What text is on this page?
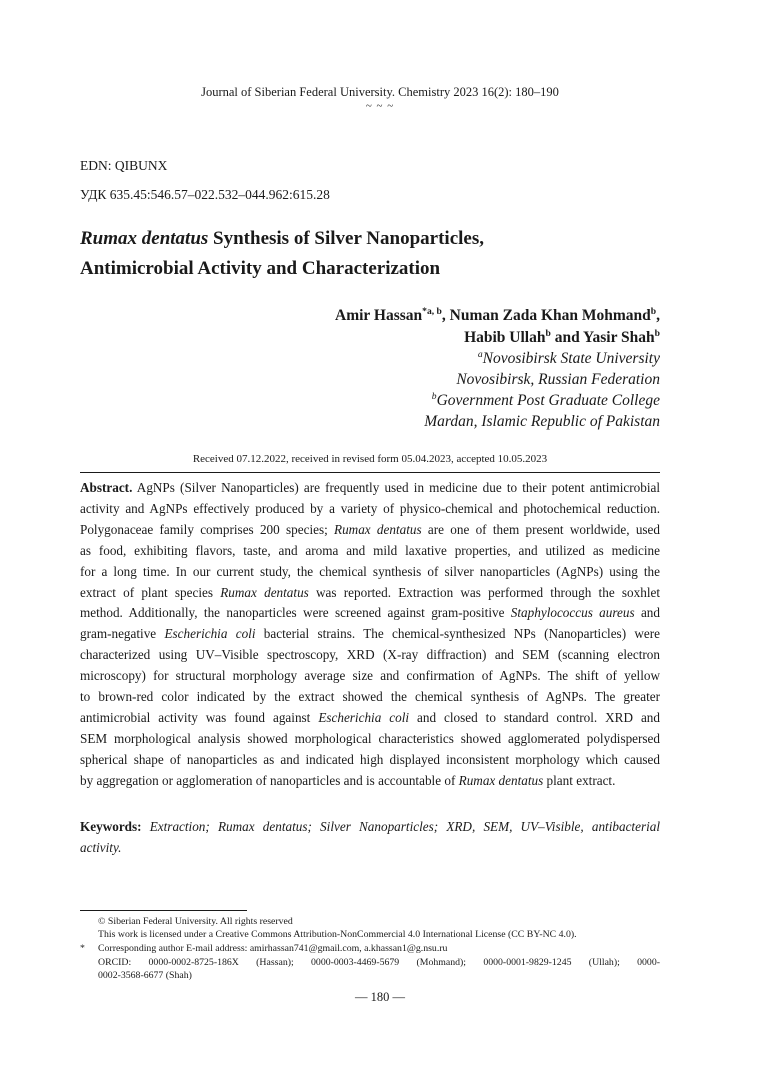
Journal of Siberian Federal University. Chemistry 2023 16(2): 180–190
~ ~ ~
EDN: QIBUNX
УДК 635.45:546.57–022.532–044.962:615.28
Rumax dentatus Synthesis of Silver Nanoparticles,
Antimicrobial Activity and Characterization
Amir Hassan$^{*a, b}$, Numan Zada Khan Mohmand$^b$,
Habib Ullah$^b$ and Yasir Shah$^b$
$^a$Novosibirsk State University
Novosibirsk, Russian Federation
$^b$Government Post Graduate College
Mardan, Islamic Republic of Pakistan
Received 07.12.2022, received in revised form 05.04.2023, accepted 10.05.2023
Abstract. AgNPs (Silver Nanoparticles) are frequently used in medicine due to their potent antimicrobial
activity and AgNPs effectively produced by a variety of physico-chemical and photochemical reduction.
Polygonaceae family comprises 200 species; Rumax dentatus are one of them present worldwide, used
as food, exhibiting flavors, taste, and aroma and mild laxative properties, and utilized as medicine
for a long time. In our current study, the chemical synthesis of silver nanoparticles (AgNPs) using the
extract of plant species Rumax dentatus was reported. Extraction was performed through the soxhlet
method. Additionally, the nanoparticles were screened against gram-positive Staphylococcus aureus and
gram-negative Escherichia coli bacterial strains. The chemical-synthesized NPs (Nanoparticles) were
characterized using UV–Visible spectroscopy, XRD (X-ray diffraction) and SEM (scanning electron
microscopy) for structural morphology average size and confirmation of AgNPs. The shift of yellow
to brown-red color indicated by the extract showed the chemical synthesis of AgNPs. The greater
antimicrobial activity was found against Escherichia coli and closed to standard control. XRD and
SEM morphological analysis showed morphological characteristics showed agglomerated polydispersed
spherical shape of nanoparticles as and indicated high displayed inconsistent morphology which caused
by aggregation or agglomeration of nanoparticles and is accountable of Rumax dentatus plant extract.
Keywords: Extraction; Rumax dentatus; Silver Nanoparticles; XRD, SEM, UV–Visible, antibacterial
activity.
© Siberian Federal University. All rights reserved
This work is licensed under a Creative Commons Attribution-NonCommercial 4.0 International License (CC BY-NC 4.0).
* Corresponding author E-mail address: amirhassan741@gmail.com, a.khassan1@g.nsu.ru
ORCID: 0000-0002-8725-186X (Hassan); 0000-0003-4469-5679 (Mohmand); 0000-0001-9829-1245 (Ullah); 0000-
0002-3568-6677 (Shah)
— 180 —
